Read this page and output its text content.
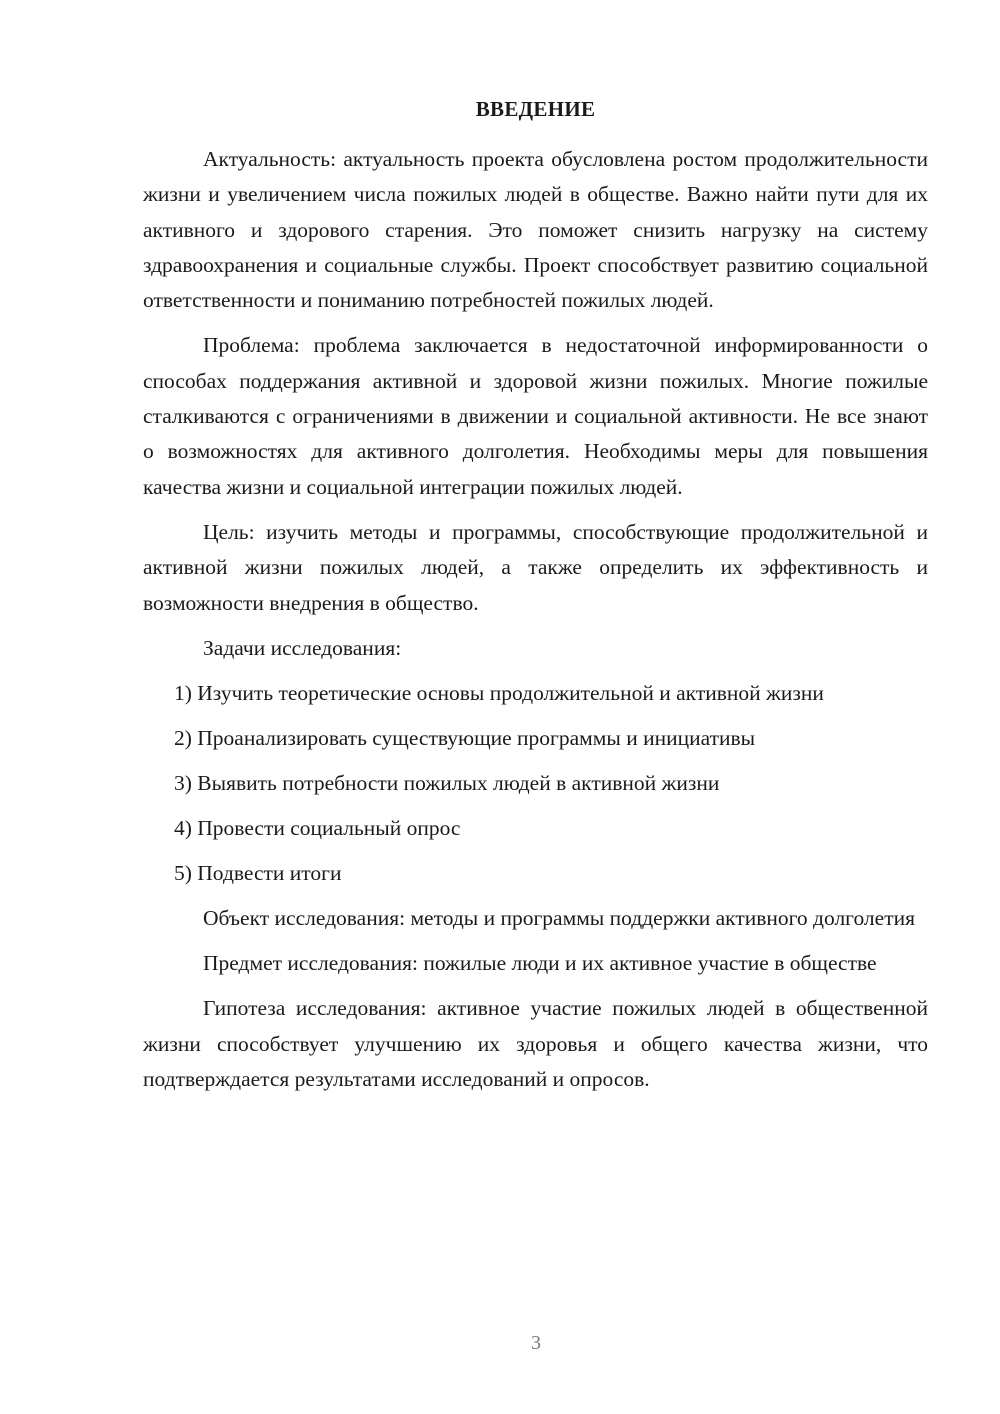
ВВЕДЕНИЕ

Актуальность: актуальность проекта обусловлена ростом продолжительности жизни и увеличением числа пожилых людей в обществе. Важно найти пути для их активного и здорового старения. Это поможет снизить нагрузку на систему здравоохранения и социальные службы. Проект способствует развитию социальной ответственности и пониманию потребностей пожилых людей.

Проблема: проблема заключается в недостаточной информированности о способах поддержания активной и здоровой жизни пожилых. Многие пожилые сталкиваются с ограничениями в движении и социальной активности. Не все знают о возможностях для активного долголетия. Необходимы меры для повышения качества жизни и социальной интеграции пожилых людей.

Цель: изучить методы и программы, способствующие продолжительной и активной жизни пожилых людей, а также определить их эффективность и возможности внедрения в общество.

Задачи исследования:

1) Изучить теоретические основы продолжительной и активной жизни
2) Проанализировать существующие программы и инициативы
3) Выявить потребности пожилых людей в активной жизни
4) Провести социальный опрос
5) Подвести итоги

Объект исследования: методы и программы поддержки активного долголетия

Предмет исследования: пожилые люди и их активное участие в обществе

Гипотеза исследования: активное участие пожилых людей в общественной жизни способствует улучшению их здоровья и общего качества жизни, что подтверждается результатами исследований и опросов.

3
